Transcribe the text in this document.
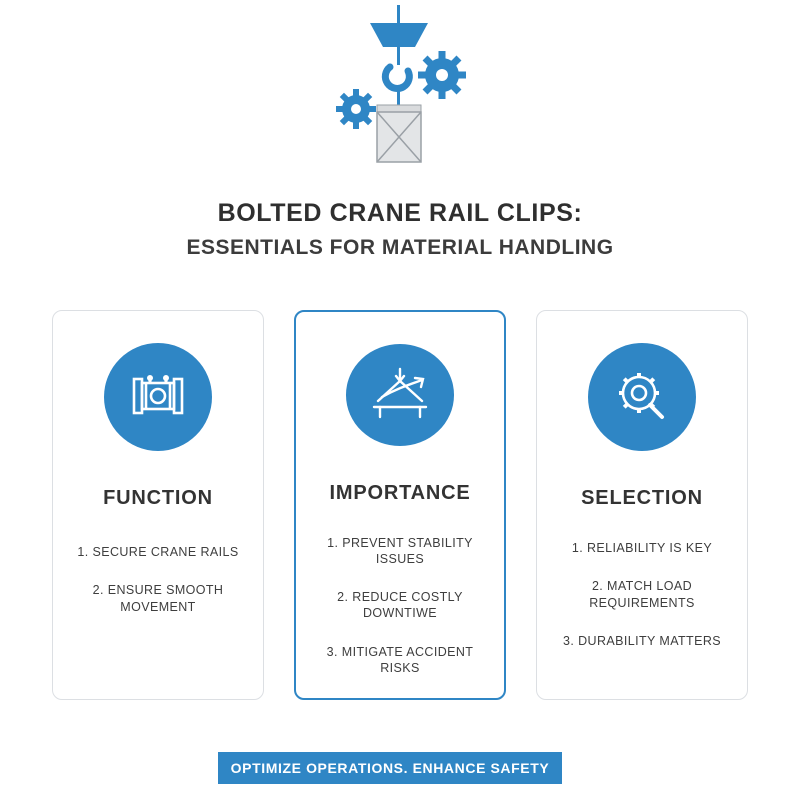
BOLTED CRANE RAIL CLIPS:
ESSENTIALS FOR MATERIAL HANDLING
FUNCTION
1. SECURE CRANE RAILS
2. ENSURE SMOOTH MOVEMENT
IMPORTANCE
1. PREVENT STABILITY ISSUES
2. REDUCE COSTLY DOWNTIWE
3. MITIGATE ACCIDENT RISKS
SELECTION
1. RELIABILITY IS KEY
2. MATCH LOAD REQUIREMENTS
3. DURABILITY MATTERS
OPTIMIZE OPERATIONS. ENHANCE SAFETY
